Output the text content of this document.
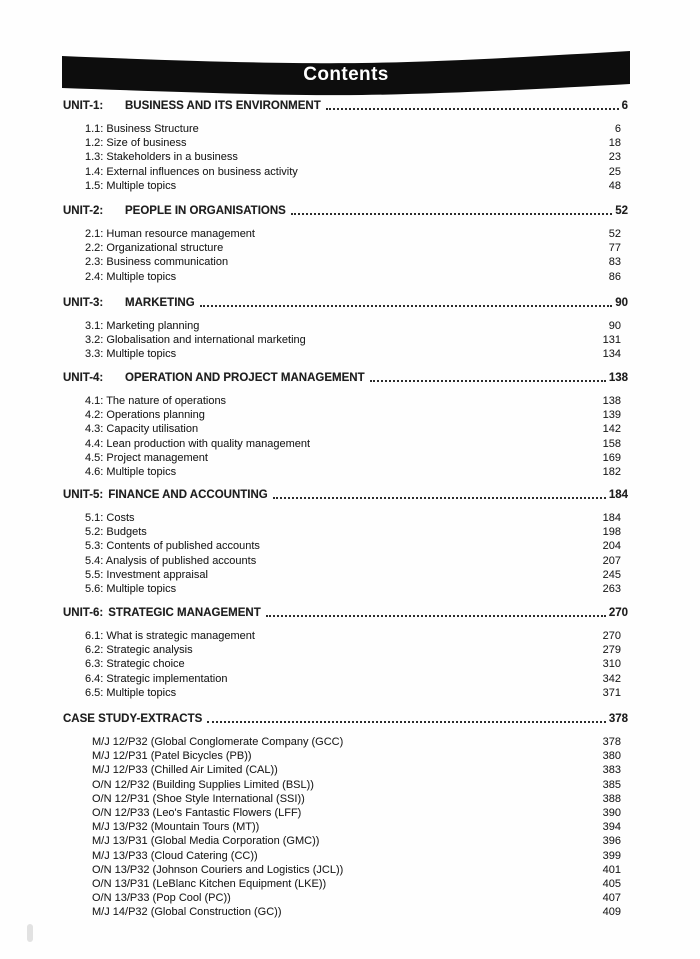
Contents
UNIT-1:	BUSINESS AND ITS ENVIRONMENT	6
1.1: Business Structure	6
1.2: Size of business	18
1.3: Stakeholders in a business	23
1.4: External influences on business activity	25
1.5: Multiple topics	48
UNIT-2:	PEOPLE IN ORGANISATIONS	52
2.1: Human resource management	52
2.2: Organizational structure	77
2.3: Business communication	83
2.4: Multiple topics	86
UNIT-3:	MARKETING	90
3.1: Marketing planning	90
3.2: Globalisation and international marketing	131
3.3: Multiple topics	134
UNIT-4:	OPERATION AND PROJECT MANAGEMENT	138
4.1: The nature of operations	138
4.2: Operations planning	139
4.3: Capacity utilisation	142
4.4: Lean production with quality management	158
4.5: Project management	169
4.6: Multiple topics	182
UNIT-5: FINANCE AND ACCOUNTING	184
5.1: Costs	184
5.2: Budgets	198
5.3: Contents of published accounts	204
5.4: Analysis of published accounts	207
5.5: Investment appraisal	245
5.6: Multiple topics	263
UNIT-6: STRATEGIC MANAGEMENT	270
6.1: What is strategic management	270
6.2: Strategic analysis	279
6.3: Strategic choice	310
6.4: Strategic implementation	342
6.5: Multiple topics	371
CASE STUDY-EXTRACTS	378
M/J 12/P32 (Global Conglomerate Company (GCC)	378
M/J 12/P31 (Patel Bicycles (PB))	380
M/J 12/P33 (Chilled Air Limited (CAL))	383
O/N 12/P32 (Building Supplies Limited (BSL))	385
O/N 12/P31 (Shoe Style International (SSI))	388
O/N 12/P33 (Leo's Fantastic Flowers (LFF)	390
M/J 13/P32 (Mountain Tours (MT))	394
M/J 13/P31 (Global Media Corporation (GMC))	396
M/J 13/P33 (Cloud Catering (CC))	399
O/N 13/P32 (Johnson Couriers and Logistics (JCL))	401
O/N 13/P31 (LeBlanc Kitchen Equipment (LKE))	405
O/N 13/P33 (Pop Cool (PC))	407
M/J 14/P32 (Global Construction (GC))	409
